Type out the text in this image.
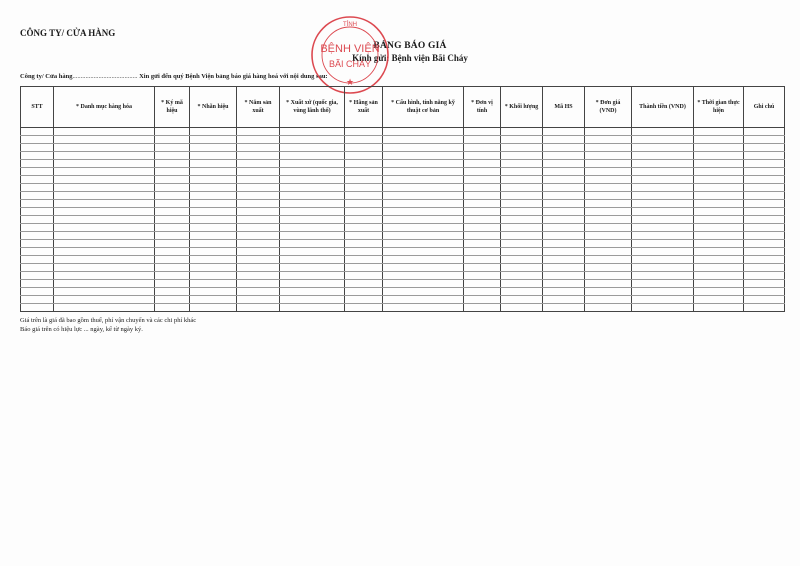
CÔNG TY/ CỬA HÀNG
BẢNG BÁO GIÁ
Kính gửi: Bệnh viện Bãi Cháy
Công ty/ Cửa hàng........................................ Xin gửi đến quý Bệnh Viện bảng báo giá hàng hoá với nội dung sau:
TỈNH
BỆNH VIỆN
BÃI CHÁY
★
STT	* Danh mục hàng hóa	* Ký mã hiệu	* Nhãn hiệu	* Năm sản xuất	* Xuất xứ (quốc gia, vùng lãnh thổ)	* Hãng sản xuất	* Cấu hình, tính năng kỹ thuật cơ bản	* Đơn vị tính	* Khối lượng	Mã HS	* Đơn giá (VND)	Thành tiền (VND)	* Thời gian thực hiện	Ghi chú

Giá trên là giá đã bao gồm thuế, phí vận chuyển và các chi phí khác
Báo giá trên có hiệu lực ... ngày, kể từ ngày ký.
